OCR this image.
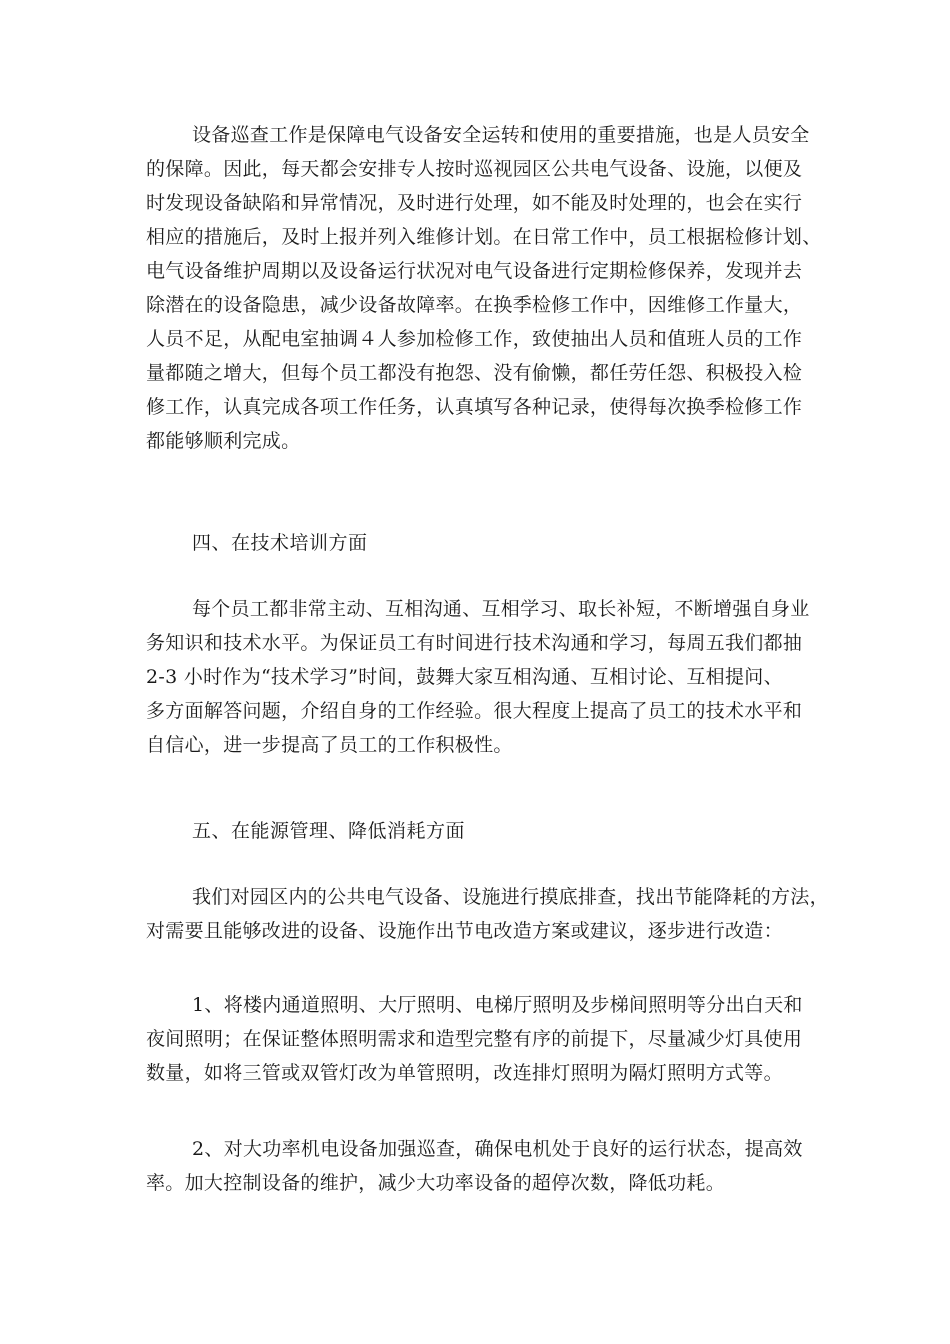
设备巡查工作是保障电气设备安全运转和使用的重要措施，也是人员安全
的保障。因此，每天都会安排专人按时巡视园区公共电气设备、设施，以便及
时发现设备缺陷和异常情况，及时进行处理，如不能及时处理的，也会在实行
相应的措施后，及时上报并列入维修计划。在日常工作中，员工根据检修计划、
电气设备维护周期以及设备运行状况对电气设备进行定期检修保养，发现并去
除潜在的设备隐患，减少设备故障率。在换季检修工作中，因维修工作量大，
人员不足，从配电室抽调４人参加检修工作，致使抽出人员和值班人员的工作
量都随之增大，但每个员工都没有抱怨、没有偷懒，都任劳任怨、积极投入检
修工作，认真完成各项工作任务，认真填写各种记录，使得每次换季检修工作
都能够顺利完成。
四、在技术培训方面
每个员工都非常主动、互相沟通、互相学习、取长补短，不断增强自身业
务知识和技术水平。为保证员工有时间进行技术沟通和学习，每周五我们都抽
2-3 小时作为“技术学习”时间，鼓舞大家互相沟通、互相讨论、互相提问、
多方面解答问题，介绍自身的工作经验。很大程度上提高了员工的技术水平和
自信心，进一步提高了员工的工作积极性。
五、在能源管理、降低消耗方面
我们对园区内的公共电气设备、设施进行摸底排查，找出节能降耗的方法，
对需要且能够改进的设备、设施作出节电改造方案或建议，逐步进行改造：
1、将楼内通道照明、大厅照明、电梯厅照明及步梯间照明等分出白天和
夜间照明；在保证整体照明需求和造型完整有序的前提下，尽量减少灯具使用
数量，如将三管或双管灯改为单管照明，改连排灯照明为隔灯照明方式等。
2、对大功率机电设备加强巡查，确保电机处于良好的运行状态，提高效
率。加大控制设备的维护，减少大功率设备的超停次数，降低功耗。
